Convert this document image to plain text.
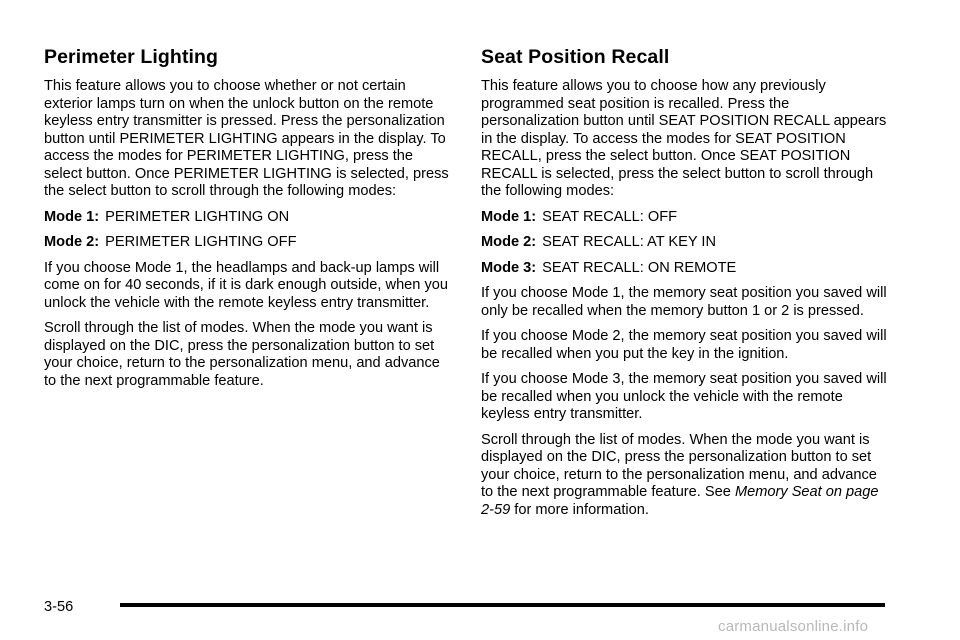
Perimeter Lighting

This feature allows you to choose whether or not certain exterior lamps turn on when the unlock button on the remote keyless entry transmitter is pressed. Press the personalization button until PERIMETER LIGHTING appears in the display. To access the modes for PERIMETER LIGHTING, press the select button. Once PERIMETER LIGHTING is selected, press the select button to scroll through the following modes:

Mode 1: PERIMETER LIGHTING ON
Mode 2: PERIMETER LIGHTING OFF

If you choose Mode 1, the headlamps and back-up lamps will come on for 40 seconds, if it is dark enough outside, when you unlock the vehicle with the remote keyless entry transmitter.

Scroll through the list of modes. When the mode you want is displayed on the DIC, press the personalization button to set your choice, return to the personalization menu, and advance to the next programmable feature.

Seat Position Recall

This feature allows you to choose how any previously programmed seat position is recalled. Press the personalization button until SEAT POSITION RECALL appears in the display. To access the modes for SEAT POSITION RECALL, press the select button. Once SEAT POSITION RECALL is selected, press the select button to scroll through the following modes:

Mode 1: SEAT RECALL: OFF
Mode 2: SEAT RECALL: AT KEY IN
Mode 3: SEAT RECALL: ON REMOTE

If you choose Mode 1, the memory seat position you saved will only be recalled when the memory button 1 or 2 is pressed.

If you choose Mode 2, the memory seat position you saved will be recalled when you put the key in the ignition.

If you choose Mode 3, the memory seat position you saved will be recalled when you unlock the vehicle with the remote keyless entry transmitter.

Scroll through the list of modes. When the mode you want is displayed on the DIC, press the personalization button to set your choice, return to the personalization menu, and advance to the next programmable feature. See Memory Seat on page 2-59 for more information.

3-56
carmanualsonline.info
